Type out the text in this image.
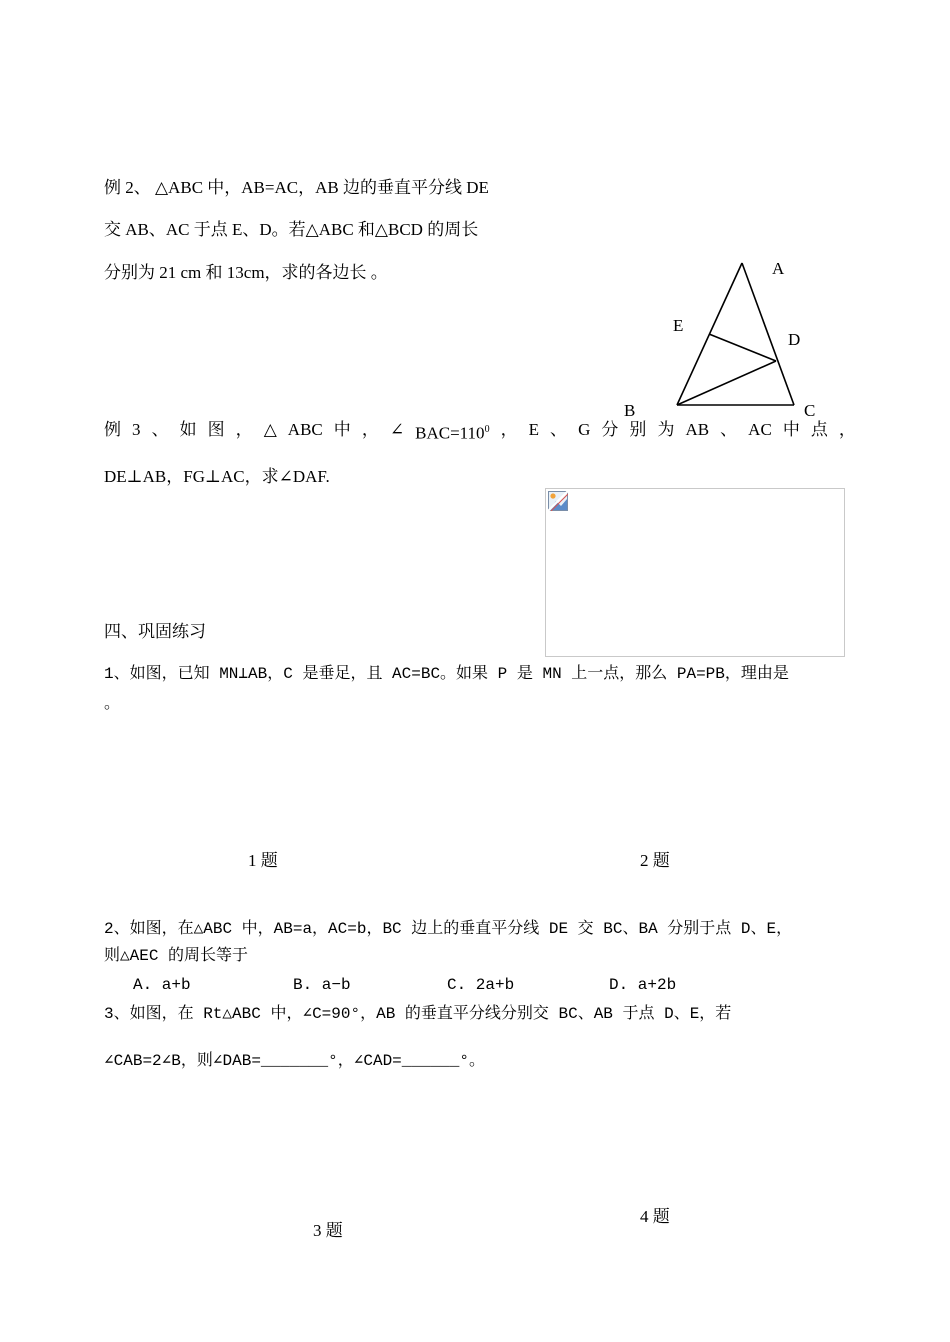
例 2、 △ABC 中，AB=AC，AB 边的垂直平分线 DE
交 AB、AC 于点 E、D。若△ABC 和△BCD 的周长
分别为 21 cm 和 13cm，求的各边长 。	A
E
D
B	C
例 3 、 如 图 ， △ ABC 中 ， ∠ $BAC=110^0$ ， E 、 G 分 别 为 AB 、 AC 中 点 ，
DE⊥AB，FG⊥AC，求∠DAF.
四、巩固练习
1、如图，已知 MN⊥AB，C 是垂足，且 AC=BC。如果 P 是 MN 上一点，那么 PA=PB，理由是
。
1 题	2 题
2、如图，在△ABC 中，AB=a，AC=b，BC 边上的垂直平分线 DE 交 BC、BA 分别于点 D、E，
则△AEC 的周长等于
A. a+b	B. a−b	C. 2a+b	D. a+2b
3、如图，在 Rt△ABC 中，∠C=90°，AB 的垂直平分线分别交 BC、AB 于点 D、E，若
∠CAB=2∠B，则∠DAB=_______°，∠CAD=______°。
3 题
4 题
